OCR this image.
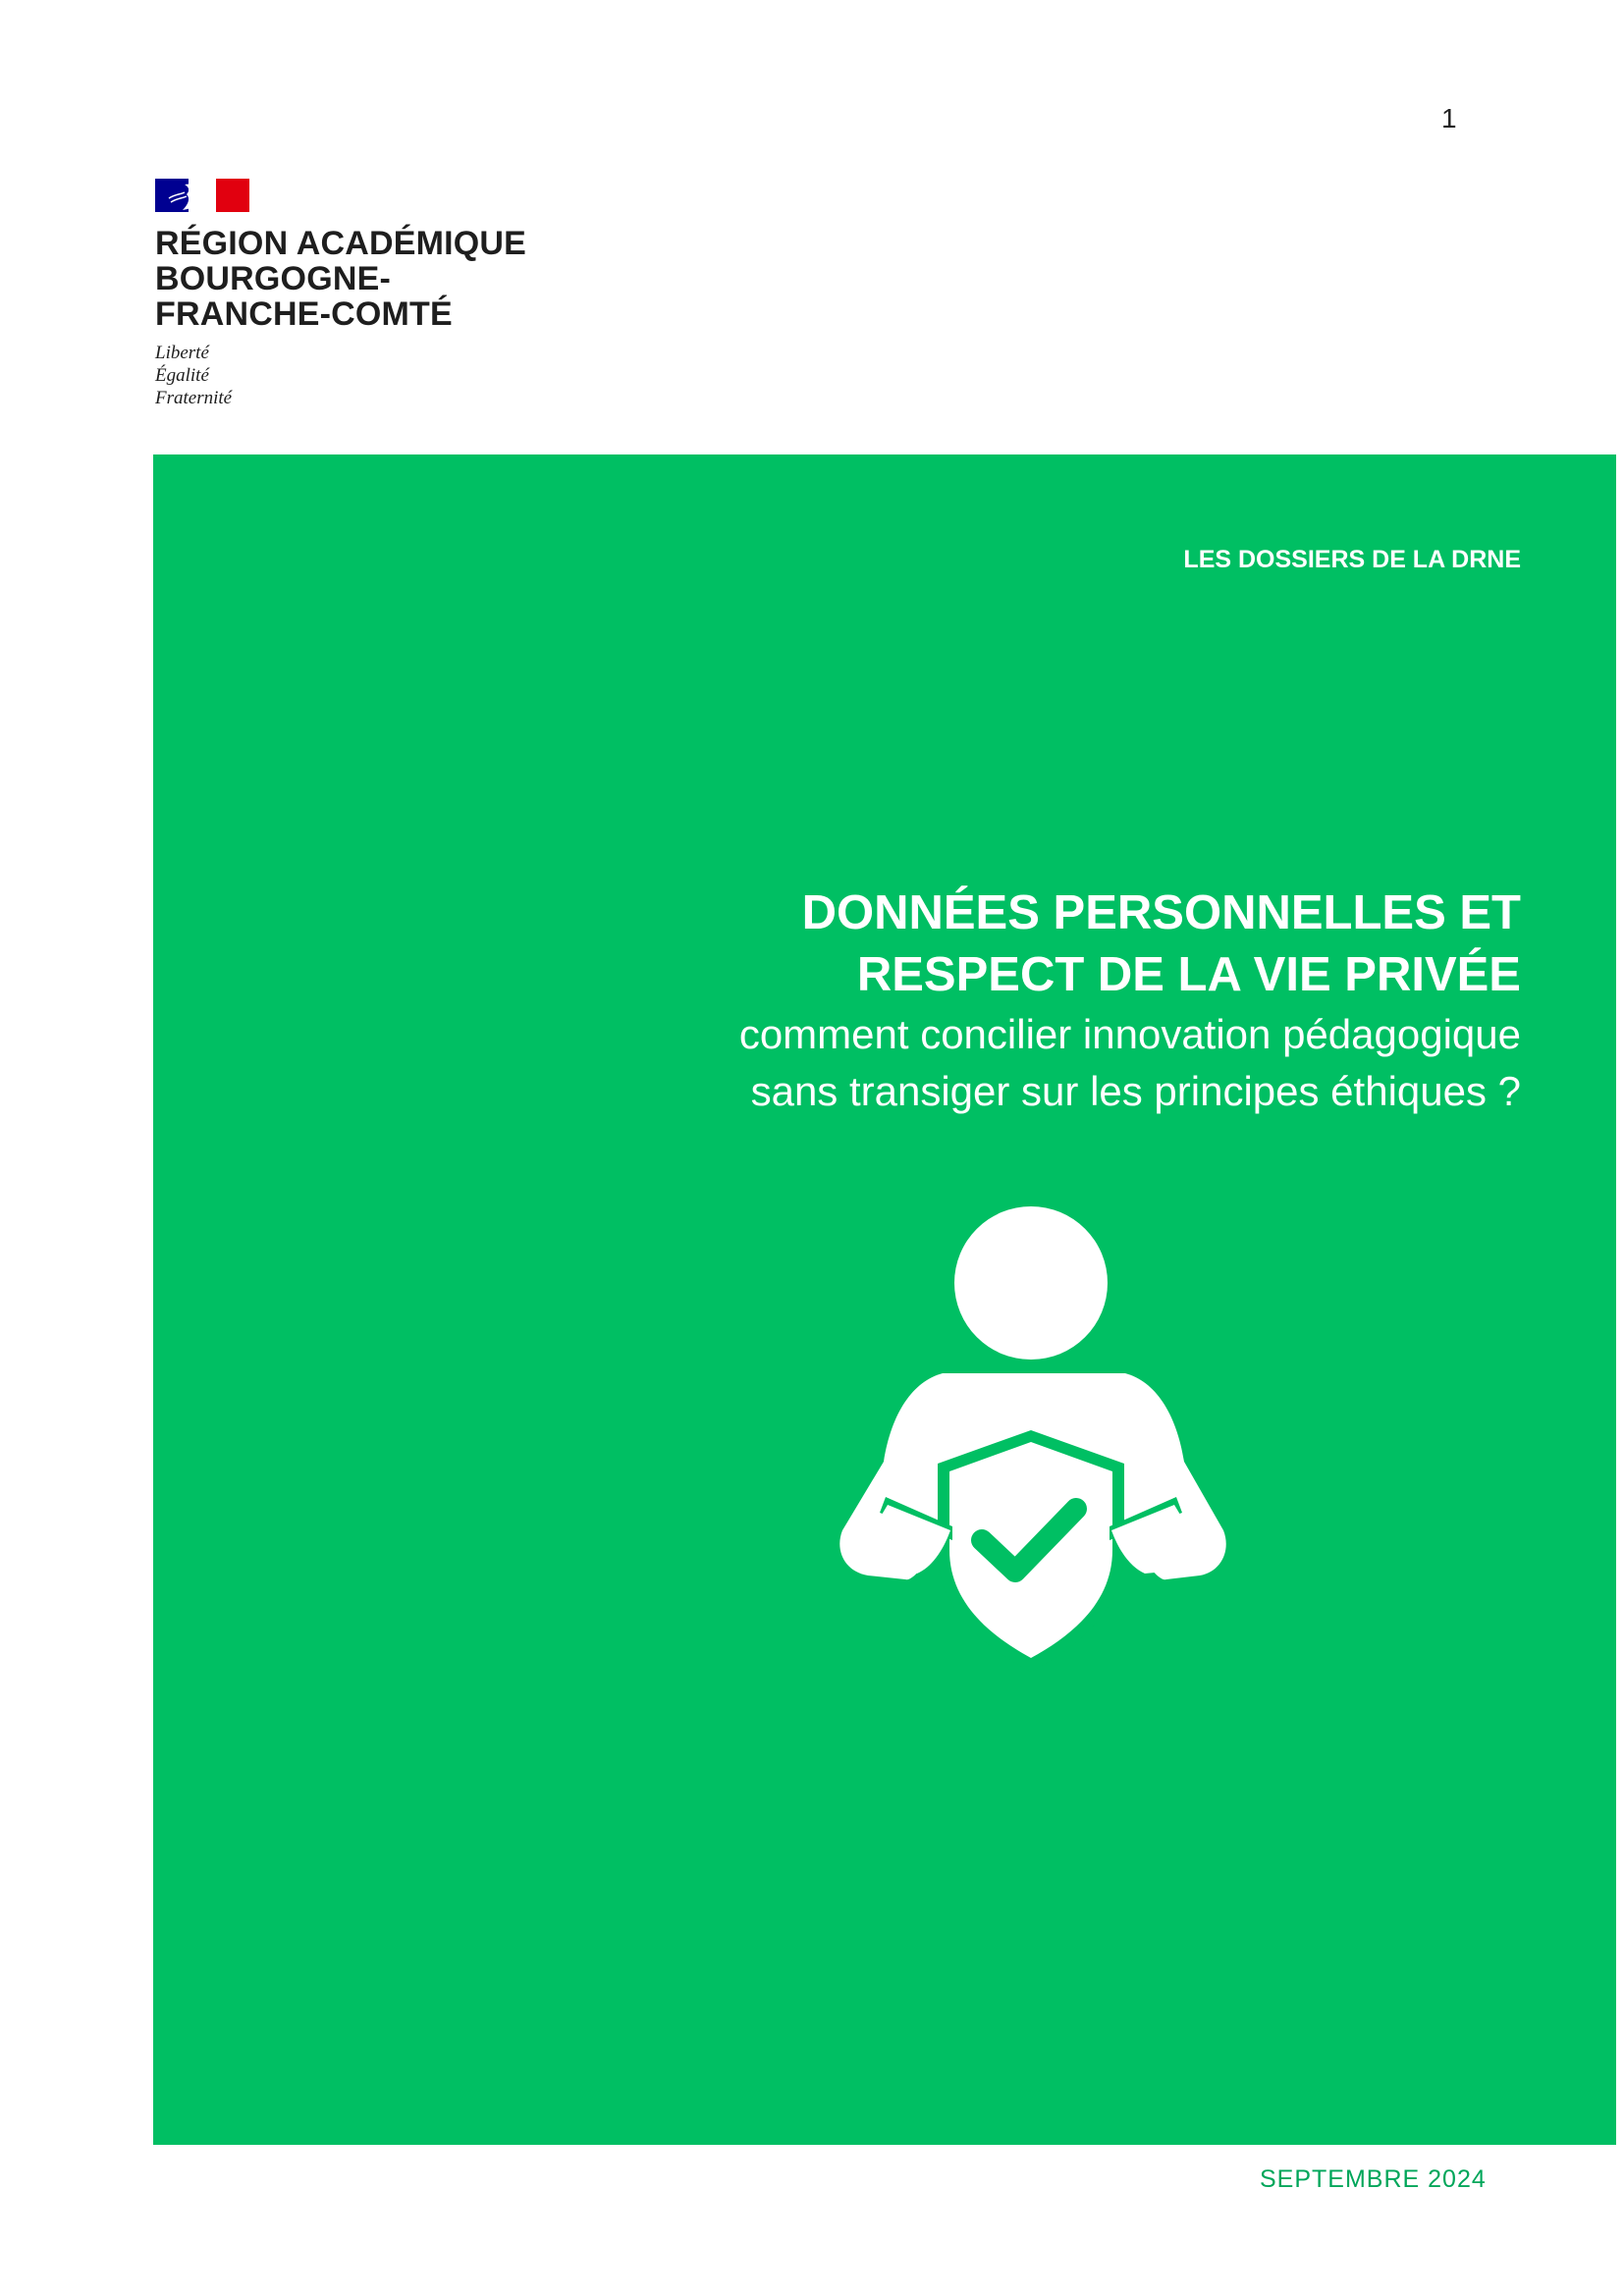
1
RÉGION ACADÉMIQUE
BOURGOGNE-
FRANCHE-COMTÉ
Liberté
Égalité
Fraternité
LES DOSSIERS DE LA DRNE
DONNÉES PERSONNELLES ET
RESPECT DE LA VIE PRIVÉE
comment concilier innovation pédagogique
sans transiger sur les principes éthiques ?
SEPTEMBRE 2024
